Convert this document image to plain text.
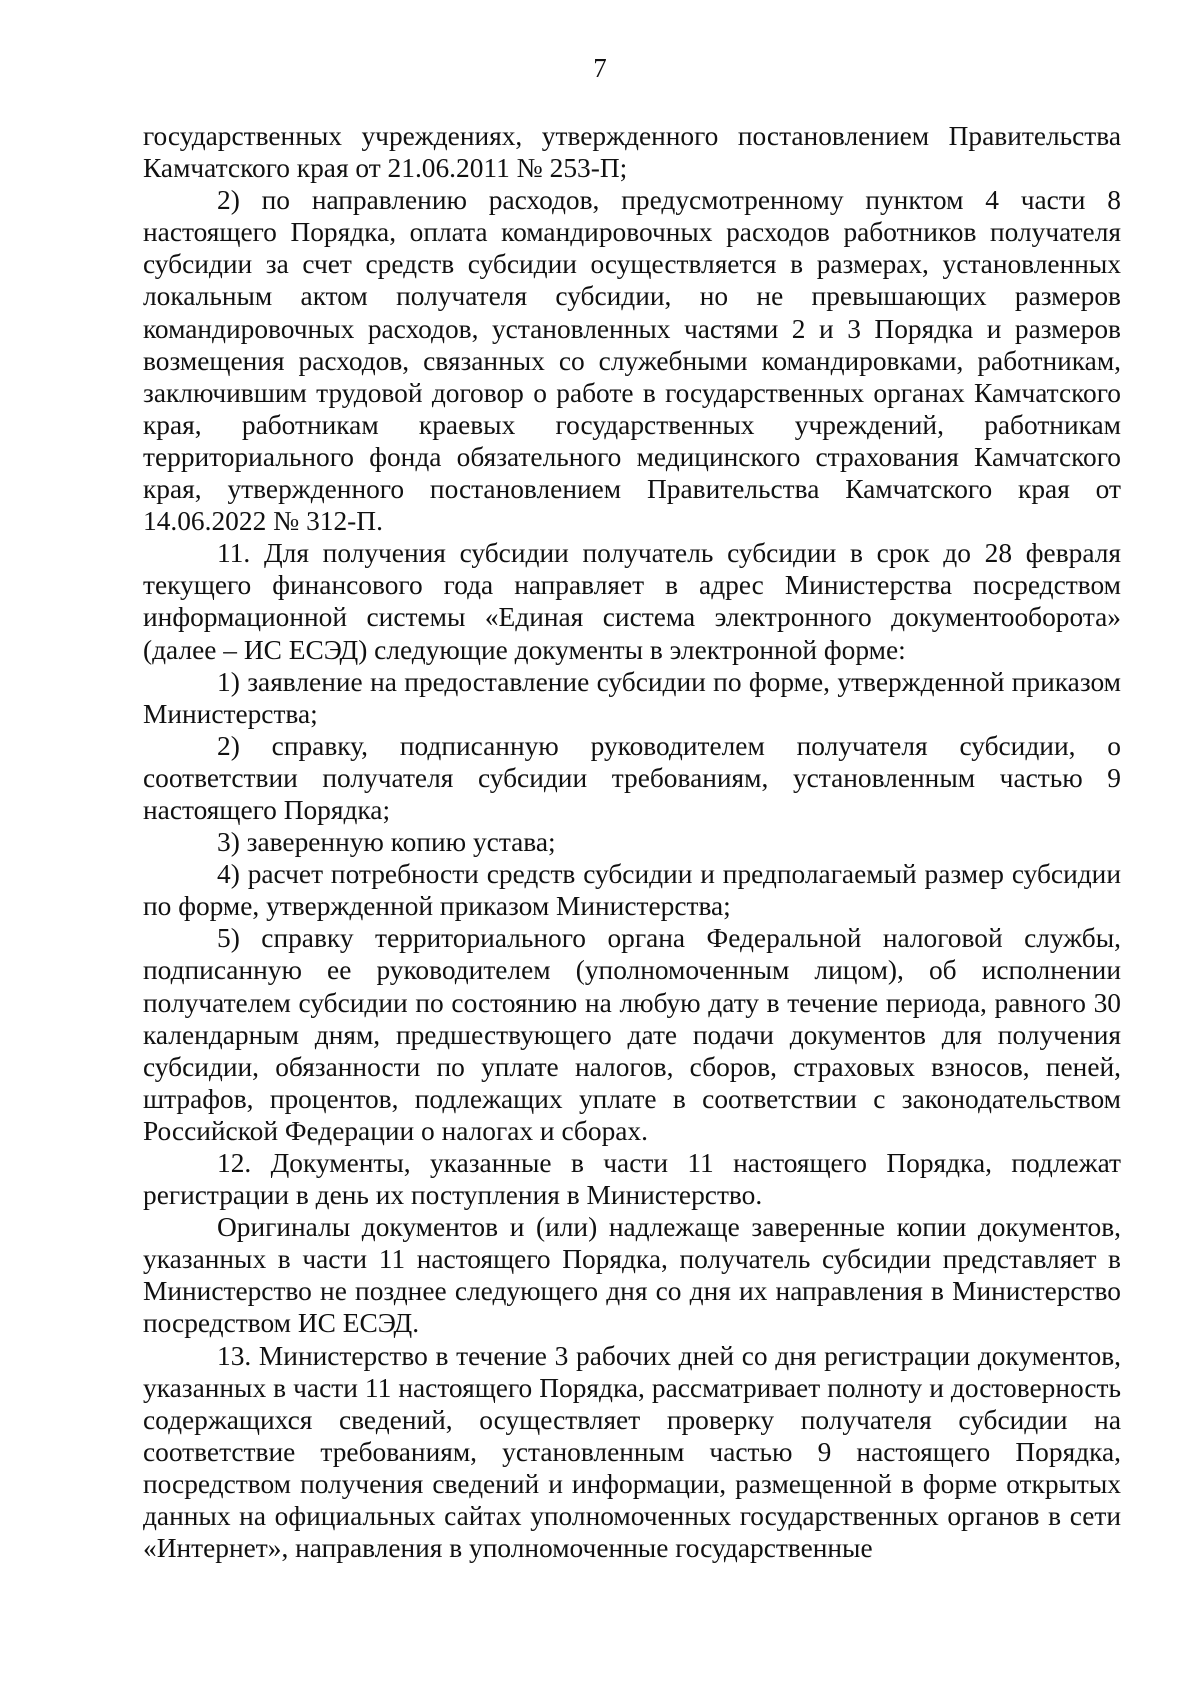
7

государственных учреждениях, утвержденного постановлением Правительства Камчатского края от 21.06.2011 № 253-П;

2) по направлению расходов, предусмотренному пунктом 4 части 8 настоящего Порядка, оплата командировочных расходов работников получателя субсидии за счет средств субсидии осуществляется в размерах, установленных локальным актом получателя субсидии, но не превышающих размеров командировочных расходов, установленных частями 2 и 3 Порядка и размеров возмещения расходов, связанных со служебными командировками, работникам, заключившим трудовой договор о работе в государственных органах Камчатского края, работникам краевых государственных учреждений, работникам территориального фонда обязательного медицинского страхования Камчатского края, утвержденного постановлением Правительства Камчатского края от 14.06.2022 № 312-П.

11. Для получения субсидии получатель субсидии в срок до 28 февраля текущего финансового года направляет в адрес Министерства посредством информационной системы «Единая система электронного документооборота» (далее – ИС ЕСЭД) следующие документы в электронной форме:

1) заявление на предоставление субсидии по форме, утвержденной приказом Министерства;

2) справку, подписанную руководителем получателя субсидии, о соответствии получателя субсидии требованиям, установленным частью 9 настоящего Порядка;

3) заверенную копию устава;

4) расчет потребности средств субсидии и предполагаемый размер субсидии по форме, утвержденной приказом Министерства;

5) справку территориального органа Федеральной налоговой службы, подписанную ее руководителем (уполномоченным лицом), об исполнении получателем субсидии по состоянию на любую дату в течение периода, равного 30 календарным дням, предшествующего дате подачи документов для получения субсидии, обязанности по уплате налогов, сборов, страховых взносов, пеней, штрафов, процентов, подлежащих уплате в соответствии с законодательством Российской Федерации о налогах и сборах.

12. Документы, указанные в части 11 настоящего Порядка, подлежат регистрации в день их поступления в Министерство.

Оригиналы документов и (или) надлежаще заверенные копии документов, указанных в части 11 настоящего Порядка, получатель субсидии представляет в Министерство не позднее следующего дня со дня их направления в Министерство посредством ИС ЕСЭД.

13. Министерство в течение 3 рабочих дней со дня регистрации документов, указанных в части 11 настоящего Порядка, рассматривает полноту и достоверность содержащихся сведений, осуществляет проверку получателя субсидии на соответствие требованиям, установленным частью 9 настоящего Порядка, посредством получения сведений и информации, размещенной в форме открытых данных на официальных сайтах уполномоченных государственных органов в сети «Интернет», направления в уполномоченные государственные
